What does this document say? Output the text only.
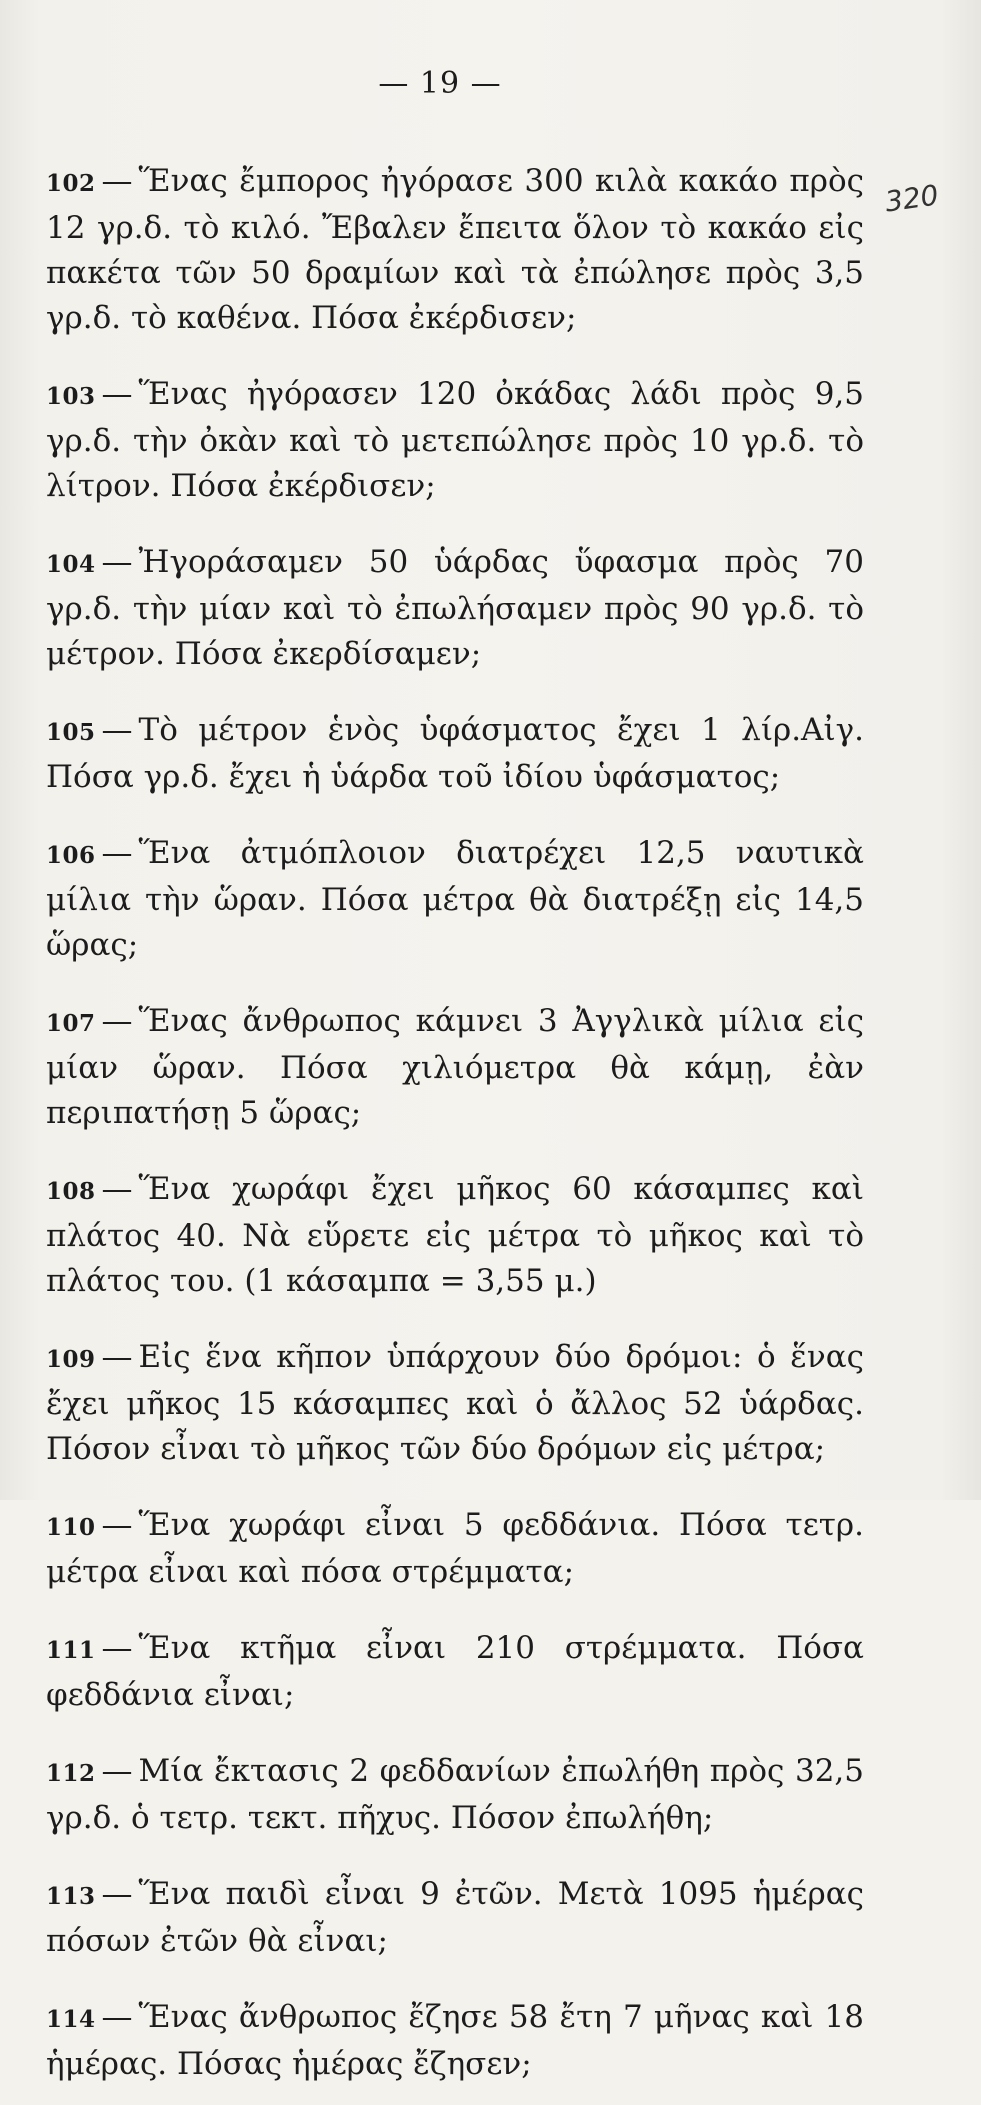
— 19 —
320

102 — Ἕνας ἔμπορος ἠγόρασε 300 κιλὰ κακάο πρὸς 12 γρ.δ. τὸ κιλό. Ἔβαλεν ἔπειτα ὅλον τὸ κακάο εἰς πακέτα τῶν 50 δραμίων καὶ τὰ ἐπώλησε πρὸς 3,5 γρ.δ. τὸ καθένα. Πόσα ἐκέρδισεν;

103 — Ἕνας ἠγόρασεν 120 ὀκάδας λάδι πρὸς 9,5 γρ.δ. τὴν ὀκὰν καὶ τὸ μετεπώλησε πρὸς 10 γρ.δ. τὸ λίτρον. Πόσα ἐκέρδισεν;

104 — Ἠγοράσαμεν 50 ὑάρδας ὕφασμα πρὸς 70 γρ.δ. τὴν μίαν καὶ τὸ ἐπωλήσαμεν πρὸς 90 γρ.δ. τὸ μέτρον. Πόσα ἐκερδίσαμεν;

105 — Τὸ μέτρον ἑνὸς ὑφάσματος ἔχει 1 λίρ.Αἰγ. Πόσα γρ.δ. ἔχει ἡ ὑάρδα τοῦ ἰδίου ὑφάσματος;

106 — Ἕνα ἀτμόπλοιον διατρέχει 12,5 ναυτικὰ μίλια τὴν ὥραν. Πόσα μέτρα θὰ διατρέξῃ εἰς 14,5 ὥρας;

107 — Ἕνας ἄνθρωπος κάμνει 3 Ἀγγλικὰ μίλια εἰς μίαν ὥραν. Πόσα χιλιόμετρα θὰ κάμῃ, ἐὰν περιπατήσῃ 5 ὥρας;

108 — Ἕνα χωράφι ἔχει μῆκος 60 κάσαμπες καὶ πλάτος 40. Νὰ εὕρετε εἰς μέτρα τὸ μῆκος καὶ τὸ πλάτος του. (1 κάσαμπα = 3,55 μ.)

109 — Εἰς ἕνα κῆπον ὑπάρχουν δύο δρόμοι: ὁ ἕνας ἔχει μῆκος 15 κάσαμπες καὶ ὁ ἄλλος 52 ὑάρδας. Πόσον εἶναι τὸ μῆκος τῶν δύο δρόμων εἰς μέτρα;

110 — Ἕνα χωράφι εἶναι 5 φεδδάνια. Πόσα τετρ. μέτρα εἶναι καὶ πόσα στρέμματα;

111 — Ἕνα κτῆμα εἶναι 210 στρέμματα. Πόσα φεδδάνια εἶναι;

112 — Μία ἔκτασις 2 φεδδανίων ἐπωλήθη πρὸς 32,5 γρ.δ. ὁ τετρ. τεκτ. πῆχυς. Πόσον ἐπωλήθη;

113 — Ἕνα παιδὶ εἶναι 9 ἐτῶν. Μετὰ 1095 ἡμέρας πόσων ἐτῶν θὰ εἶναι;

114 — Ἕνας ἄνθρωπος ἔζησε 58 ἔτη 7 μῆνας καὶ 18 ἡμέρας. Πόσας ἡμέρας ἔζησεν;
